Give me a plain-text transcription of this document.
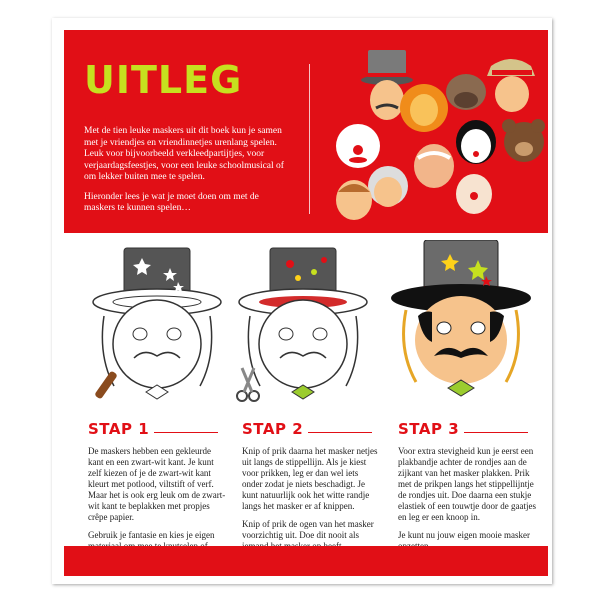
UITLEG

Met de tien leuke maskers uit dit boek kun je samen met je vriendjes en vriendinnetjes urenlang spelen. Leuk voor bijvoorbeeld verkleedpartijtjes, voor verjaardagsfeestjes, voor een leuke schoolmusical of om lekker buiten mee te spelen.

Hieronder lees je wat je moet doen om met de maskers te kunnen spelen…

STAP 1

De maskers hebben een gekleurde kant en een zwart-wit kant. Je kunt zelf kiezen of je de zwart-wit kant kleurt met potlood, viltstift of verf. Maar het is ook erg leuk om de zwart-wit kant te beplakken met propjes crêpe papier.

Gebruik je fantasie en kies je eigen

STAP 2

Knip of prik daarna het masker netjes uit langs de stippellijn. Als je kiest voor prikken, leg er dan wel iets onder zodat je niets beschadigt. Je kunt natuurlijk ook het witte randje langs het masker er af knippen.

Knip of prik de ogen van het masker voorzichtig uit. Doe dit nooit als

STAP 3

Voor extra stevigheid kun je eerst een plakbandje achter de rondjes aan de zijkant van het masker plakken. Prik met de prikpen langs het stippellijntje de rondjes uit. Doe daarna een stukje elastiek of een touwtje door de gaatjes en leg er een knoop in.

Je kunt nu jouw eigen mooie masker
